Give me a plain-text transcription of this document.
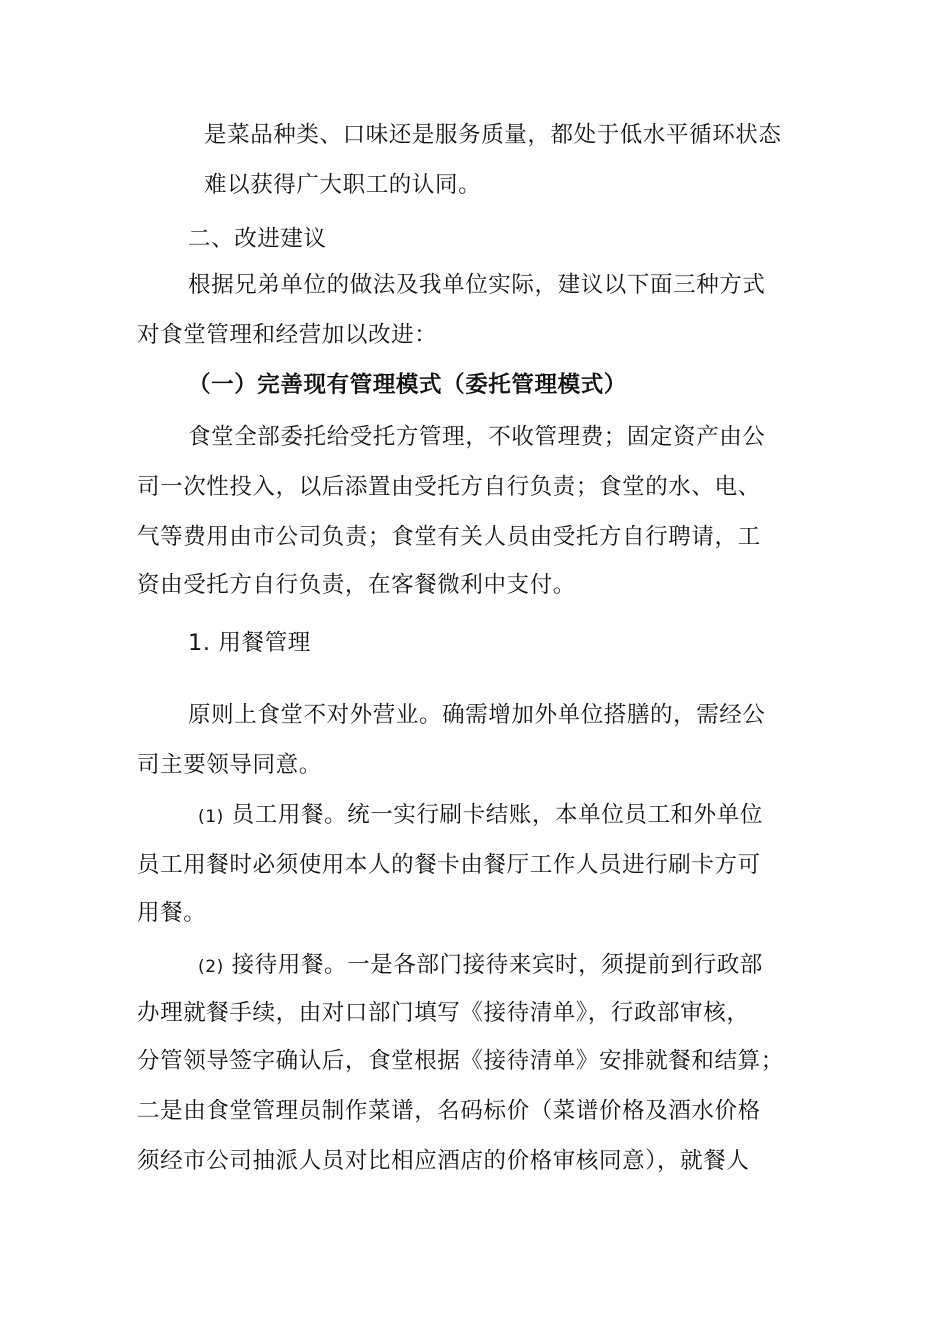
是菜品种类、口味还是服务质量，都处于低水平循环状态
难以获得广大职工的认同。
二、改进建议
根据兄弟单位的做法及我单位实际，建议以下面三种方式
对食堂管理和经营加以改进：
（一）完善现有管理模式（委托管理模式）
食堂全部委托给受托方管理，不收管理费；固定资产由公
司一次性投入，以后添置由受托方自行负责；食堂的水、电、
气等费用由市公司负责；食堂有关人员由受托方自行聘请，工
资由受托方自行负责，在客餐微利中支付。
1. 用餐管理
原则上食堂不对外营业。确需增加外单位搭膳的，需经公
司主要领导同意。
(1) 员工用餐。统一实行刷卡结账，本单位员工和外单位
员工用餐时必须使用本人的餐卡由餐厅工作人员进行刷卡方可
用餐。
(2) 接待用餐。一是各部门接待来宾时，须提前到行政部
办理就餐手续，由对口部门填写《接待清单》，行政部审核，
分管领导签字确认后，食堂根据《接待清单》安排就餐和结算；
二是由食堂管理员制作菜谱，名码标价（菜谱价格及酒水价格
须经市公司抽派人员对比相应酒店的价格审核同意），就餐人
